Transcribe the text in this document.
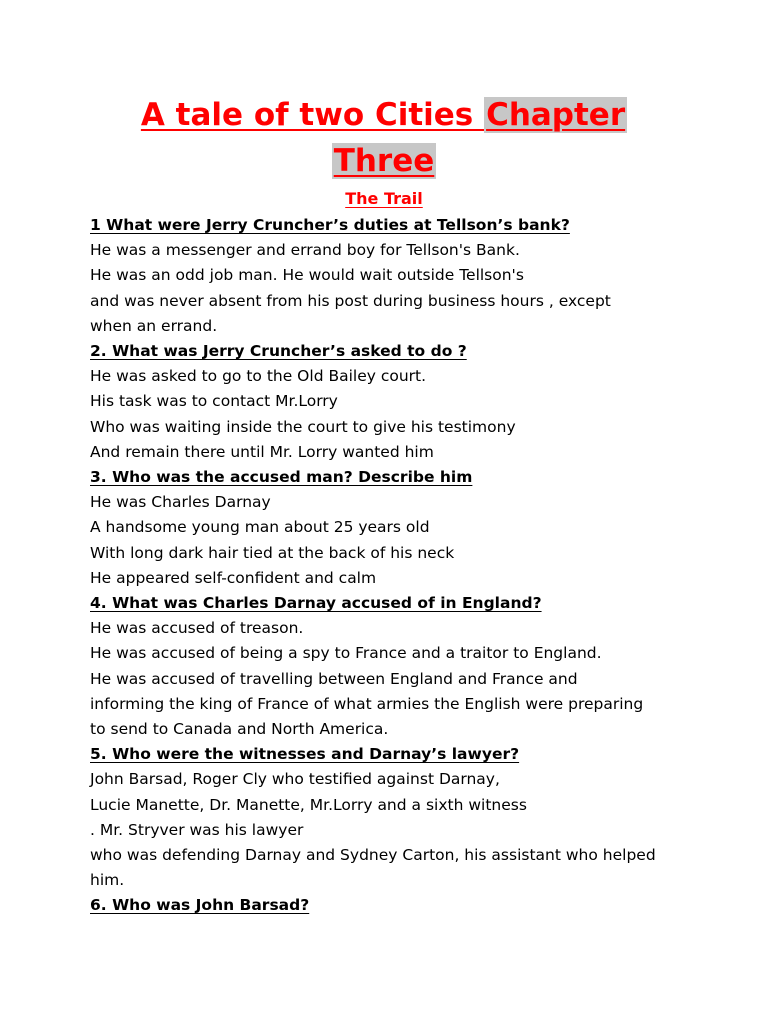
A tale of two Cities Chapter
Three
The Trail
1 What were Jerry Cruncher’s duties at Tellson’s bank?
He was a messenger and errand boy for Tellson's Bank.
He was an odd job man. He would wait outside Tellson's
and was never absent from his post during business hours , except
when an errand.
2. What was Jerry Cruncher’s asked to do ?
He was asked to go to the Old Bailey court.
His task was to contact Mr.Lorry
Who was waiting inside the court to give his testimony
And remain there until Mr. Lorry wanted him
3. Who was the accused man? Describe him
He was Charles Darnay
A handsome young man about 25 years old
With long dark hair tied at the back of his neck
He appeared self-confident and calm
4. What was Charles Darnay accused of in England?
He was accused of treason.
He was accused of being a spy to France and a traitor to England.
He was accused of travelling between England and France and
informing the king of France of what armies the English were preparing
to send to Canada and North America.
5. Who were the witnesses and Darnay’s lawyer?
John Barsad, Roger Cly who testified against Darnay,
Lucie Manette, Dr. Manette, Mr.Lorry and a sixth witness
. Mr. Stryver was his lawyer
who was defending Darnay and Sydney Carton, his assistant who helped
him.
6. Who was John Barsad?
